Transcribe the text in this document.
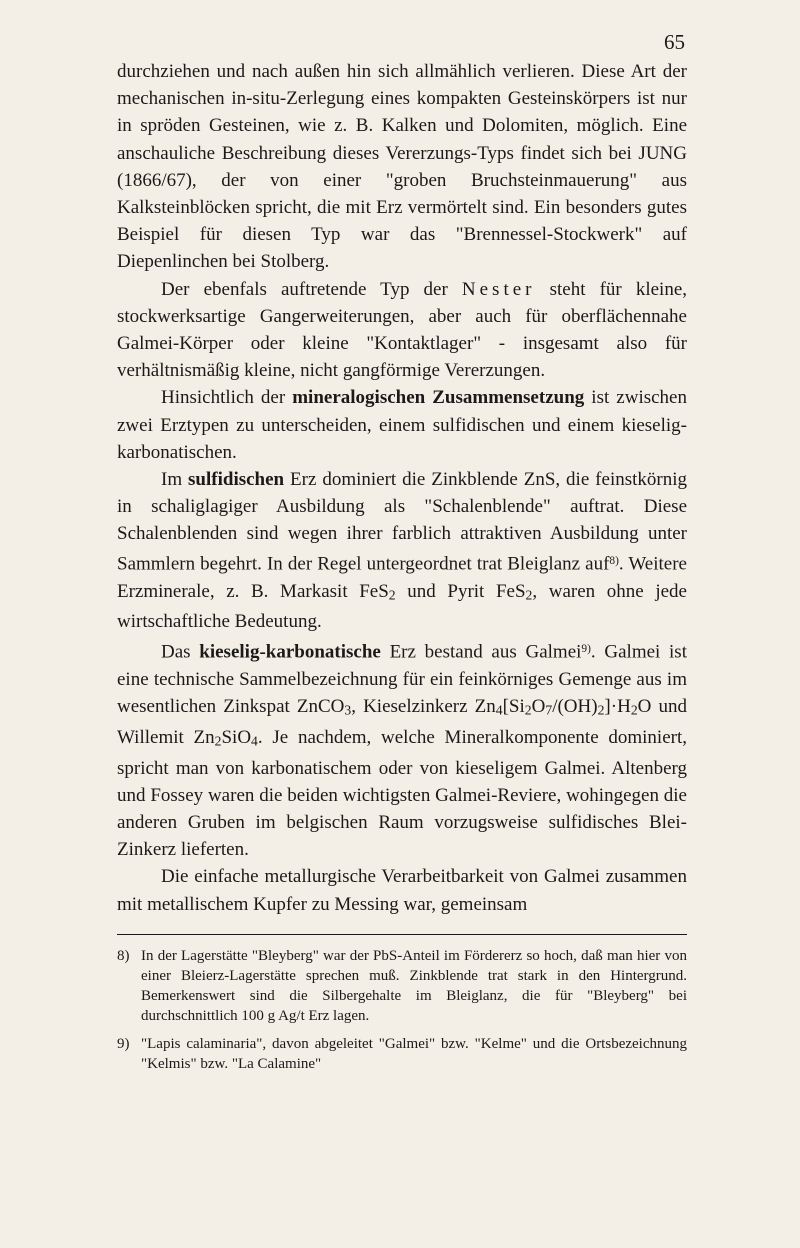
65

durchziehen und nach außen hin sich allmählich verlieren. Diese Art der mechanischen in-situ-Zerlegung eines kompakten Gesteinskörpers ist nur in spröden Gesteinen, wie z. B. Kalken und Dolomiten, möglich. Eine anschauliche Beschreibung dieses Vererzungs-Typs findet sich bei JUNG (1866/67), der von einer "groben Bruchsteinmauerung" aus Kalksteinblöcken spricht, die mit Erz vermörtelt sind. Ein besonders gutes Beispiel für diesen Typ war das "Brennessel-Stockwerk" auf Diepenlinchen bei Stolberg.

Der ebenfals auftretende Typ der Nester steht für kleine, stockwerksartige Gangerweiterungen, aber auch für oberflächennahe Galmei-Körper oder kleine "Kontaktlager" - insgesamt also für verhältnismäßig kleine, nicht gangförmige Vererzungen.

Hinsichtlich der mineralogischen Zusammensetzung ist zwischen zwei Erztypen zu unterscheiden, einem sulfidischen und einem kieselig-karbonatischen.

Im sulfidischen Erz dominiert die Zinkblende ZnS, die feinstkörnig in schaliglagiger Ausbildung als "Schalenblende" auftrat. Diese Schalenblenden sind wegen ihrer farblich attraktiven Ausbildung unter Sammlern begehrt. In der Regel untergeordnet trat Bleiglanz auf$^{8)}$. Weitere Erzminerale, z. B. Markasit FeS$_2$ und Pyrit FeS$_2$, waren ohne jede wirtschaftliche Bedeutung.

Das kieselig-karbonatische Erz bestand aus Galmei$^{9)}$. Galmei ist eine technische Sammelbezeichnung für ein feinkörniges Gemenge aus im wesentlichen Zinkspat ZnCO$_3$, Kieselzinkerz $Zn_4[Si_2O_7/(OH)_2]\cdot H_2O$ und Willemit $Zn_2SiO_4$. Je nachdem, welche Mineralkomponente dominiert, spricht man von karbonatischem oder von kieseligem Galmei. Altenberg und Fossey waren die beiden wichtigsten Galmei-Reviere, wohingegen die anderen Gruben im belgischen Raum vorzugsweise sulfidisches Blei-Zinkerz lieferten.

Die einfache metallurgische Verarbeitbarkeit von Galmei zusammen mit metallischem Kupfer zu Messing war, gemeinsam

8) In der Lagerstätte "Bleyberg" war der PbS-Anteil im Fördererz so hoch, daß man hier von einer Bleierz-Lagerstätte sprechen muß. Zinkblende trat stark in den Hintergrund. Bemerkenswert sind die Silbergehalte im Bleiglanz, die für "Bleyberg" bei durchschnittlich 100 g Ag/t Erz lagen.
9) "Lapis calaminaria", davon abgeleitet "Galmei" bzw. "Kelme" und die Ortsbezeichnung "Kelmis" bzw. "La Calamine"
